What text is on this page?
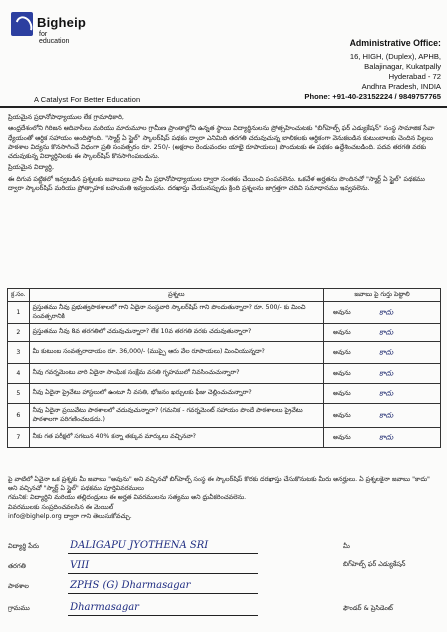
Bigheip
for education
A Catalyst For Better Education
Administrative Office:
16, HIGH, (Duplex), APHB,
Balajinagar, Kukatpally
Hyderabad - 72
Andhra Pradesh, INDIA
Phone: +91-40-23152224 / 9849757765

ప్రియమైన ప్రధానోపాధ్యాయుల లేక గ్రామాధికారి,

ఆంధ్రదేశంలోని గిరిజన ఆదివాసీలు మరియు మారుమూల గ్రామీణ ప్రాంతాల్లోని ఉన్నత స్థాయి విద్యార్థినులను ప్రోత్సహించుటకు "బిగ్‌హెల్ప్ ఫర్ ఎడ్యుకేషన్" సంస్థ సామాజిక సేవా ధ్యేయంతో ఆర్థిక సహాయం అందిస్తోంది. "స్మార్ట్ ఏ స్టైల్" స్కాలర్‌షిప్ పథకం ద్వారా ఎనిమిది తరగతి చదువుచున్న బాలికలకు ఆర్థికంగా వెనుకబడిన కుటుంబాలకు చెందిన పిల్లలు పాఠశాల విద్యను కొనసాగించే విధంగా ప్రతి సంవత్సరం రూ. 250/- (అక్షరాల రెండువందల యాభై రూపాయలు) పొందుటకు ఈ పథకం ఉద్దేశించబడింది. పదవ తరగతి వరకు చదువుకున్న విద్యార్థినిలకు ఈ స్కాలర్‌షిప్ కొనసాగింపబడును.

ప్రియమైన విద్యార్థి,

ఈ దిగువ పట్టికలో ఇవ్వబడిన ప్రశ్నలకు జవాబులు వ్రాసి మీ ప్రధానోపాధ్యాయుల ద్వారా సంతకం చేయించి పంపవలెను. ఒకవేళ అర్హతను పొందినచో "స్మార్ట్ ఏ స్టైల్" పథకము ద్వారా స్కాలర్‌షిప్ మరియు ప్రోత్సాహక బహుమతి ఇవ్వబడును. దరఖాస్తు చేయునప్పుడు క్రింది ప్రశ్నలను జాగ్రత్తగా చదివి సమాధానము ఇవ్వవలెను.

క్ర.సం.	ప్రశ్నలు	జవాబు పై గుర్తు పెట్టాలి
1	ప్రస్తుతము నీవు ప్రభుత్వపాఠశాలలో గాని ఏదైనా సంస్థవారి స్కాలర్‌షిప్ గాని పొందుతున్నారా? రూ. 500/- కు మించి సంవత్సరానికి	అవును కాదు

2	ప్రస్తుతము నీవు 8వ తరగతిలో చదువుచున్నారా? లేక 10వ తరగతి వరకు చదువుతున్నారా?	అవును కాదు

3	మీ కుటుంబ సంవత్సరాదాయం రూ. 36,000/- (ముప్పై ఆరు వేల రూపాయలు) మించియున్నదా?	అవును కాదు

4	నీవు గవర్నమెంటు వారి ఏదైనా సాంఘిక సంక్షేమ వసతి గృహములో నివసించుచున్నారా?	అవును కాదు

5	నీవు ఏదైనా ప్రైవేటు హాస్టలులో ఉంటూ నీ వసతి, భోజనం ఖర్చులకు ఫీజు చెల్లించుచున్నారా?	అవును కాదు

6	నీవు ఏదైనా ప్రయివేటు పాఠశాలలో చదువుచున్నారా? (గమనిక - గవర్నమెంట్ సహాయం పొందే పాఠశాలలు ప్రైవేటు పాఠశాలగా పరిగణించబడదు.)	అవును కాదు

7	నీకు గత పరీక్షలో సగటున 40% కన్నా తక్కువ మార్కులు వచ్చినవా?	అవును కాదు

పై వాటిలో ఏవైనా ఒక ప్రశ్నకు మీ జవాబు "అవును" అని వచ్చినచో బిగ్‌హెల్ప్ సంస్థ ఈ స్కాలర్‌షిప్ కొరకు దరఖాస్తు చేసుకొనుటకు మీరు అనర్హులు. ఏ ప్రశ్నలకైనా జవాబు "కాదు" అని వచ్చినచో "స్మార్ట్ ఏ స్టైల్" పథకము పూర్తివివరములు

గమనిక: విద్యార్థిని మరియు తల్లిదండ్రులు ఈ అర్హత వివరములను సత్యము అని ధ్రువీకరించవలెను.

వివరములకు సంప్రదించవలసిన ఈ మెయిల్

info@bighelp.org ద్వారా గాని తెలుసుకోవచ్చు.

విద్యార్థి పేరు	DALIGAPU JYOTHENA SRI
తరగతి	VIII
పాఠశాల	ZPHS (G) Dharmasagar
గ్రామము	Dharmasagar
మీ
బిగ్‌హెల్ప్ ఫర్ ఎడ్యుకేషన్
ఫౌండర్ & ప్రెసిడెంట్
